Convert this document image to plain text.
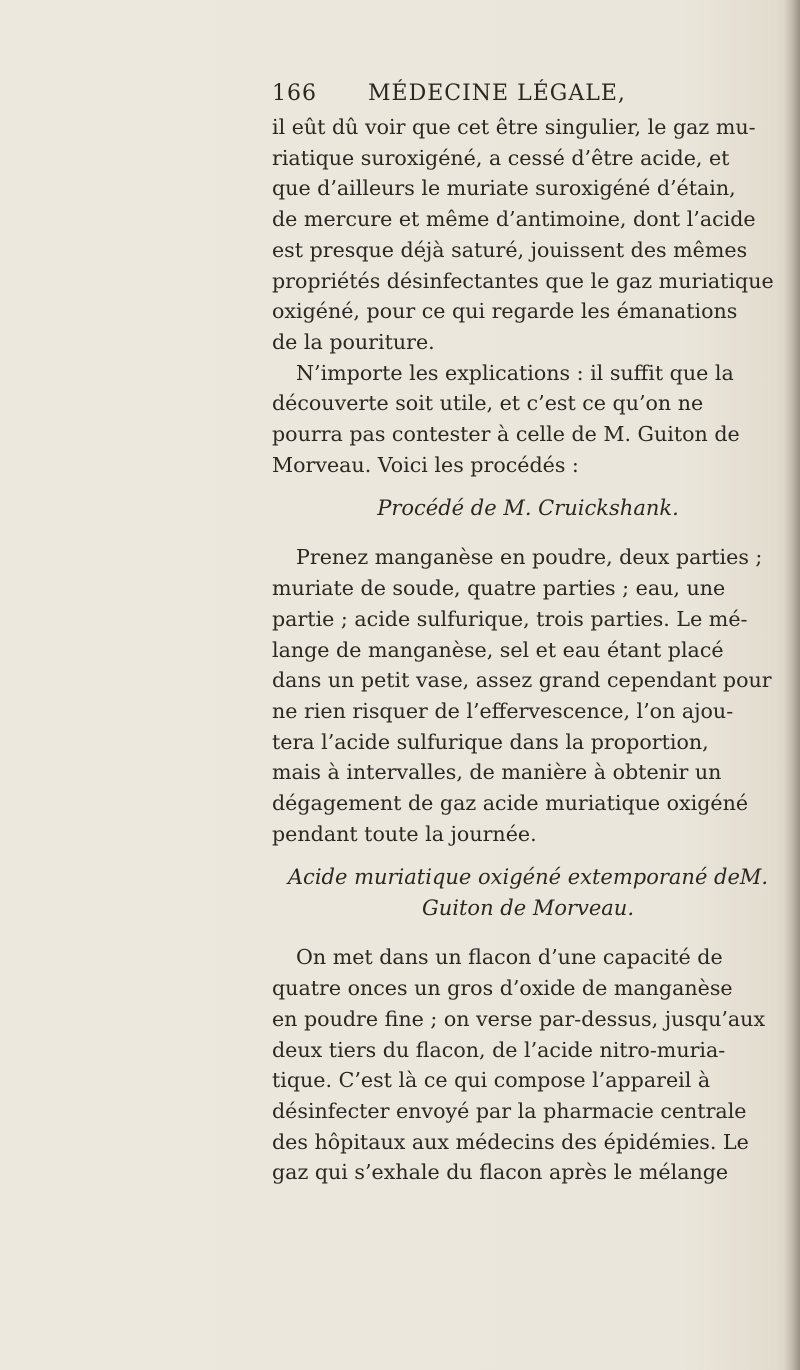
166 MÉDECINE LÉGALE,
il eût dû voir que cet être singulier, le gaz mu-
riatique suroxigéné, a cessé d’être acide, et
que d’ailleurs le muriate suroxigéné d’étain,
de mercure et même d’antimoine, dont l’acide
est presque déjà saturé, jouissent des mêmes
propriétés désinfectantes que le gaz muriatique
oxigéné, pour ce qui regarde les émanations
de la pouriture.
N’importe les explications : il suffit que la
découverte soit utile, et c’est ce qu’on ne
pourra pas contester à celle de M. Guiton de
Morveau. Voici les procédés :
Procédé de M. Cruickshank.
Prenez manganèse en poudre, deux parties ;
muriate de soude, quatre parties ; eau, une
partie ; acide sulfurique, trois parties. Le mé-
lange de manganèse, sel et eau étant placé
dans un petit vase, assez grand cependant pour
ne rien risquer de l’effervescence, l’on ajou-
tera l’acide sulfurique dans la proportion,
mais à intervalles, de manière à obtenir un
dégagement de gaz acide muriatique oxigéné
pendant toute la journée.
Acide muriatique oxigéné extemporané deM. Guiton de Morveau.
On met dans un flacon d’une capacité de
quatre onces un gros d’oxide de manganèse
en poudre fine ; on verse par-dessus, jusqu’aux
deux tiers du flacon, de l’acide nitro-muria-
tique. C’est là ce qui compose l’appareil à
désinfecter envoyé par la pharmacie centrale
des hôpitaux aux médecins des épidémies. Le
gaz qui s’exhale du flacon après le mélange
